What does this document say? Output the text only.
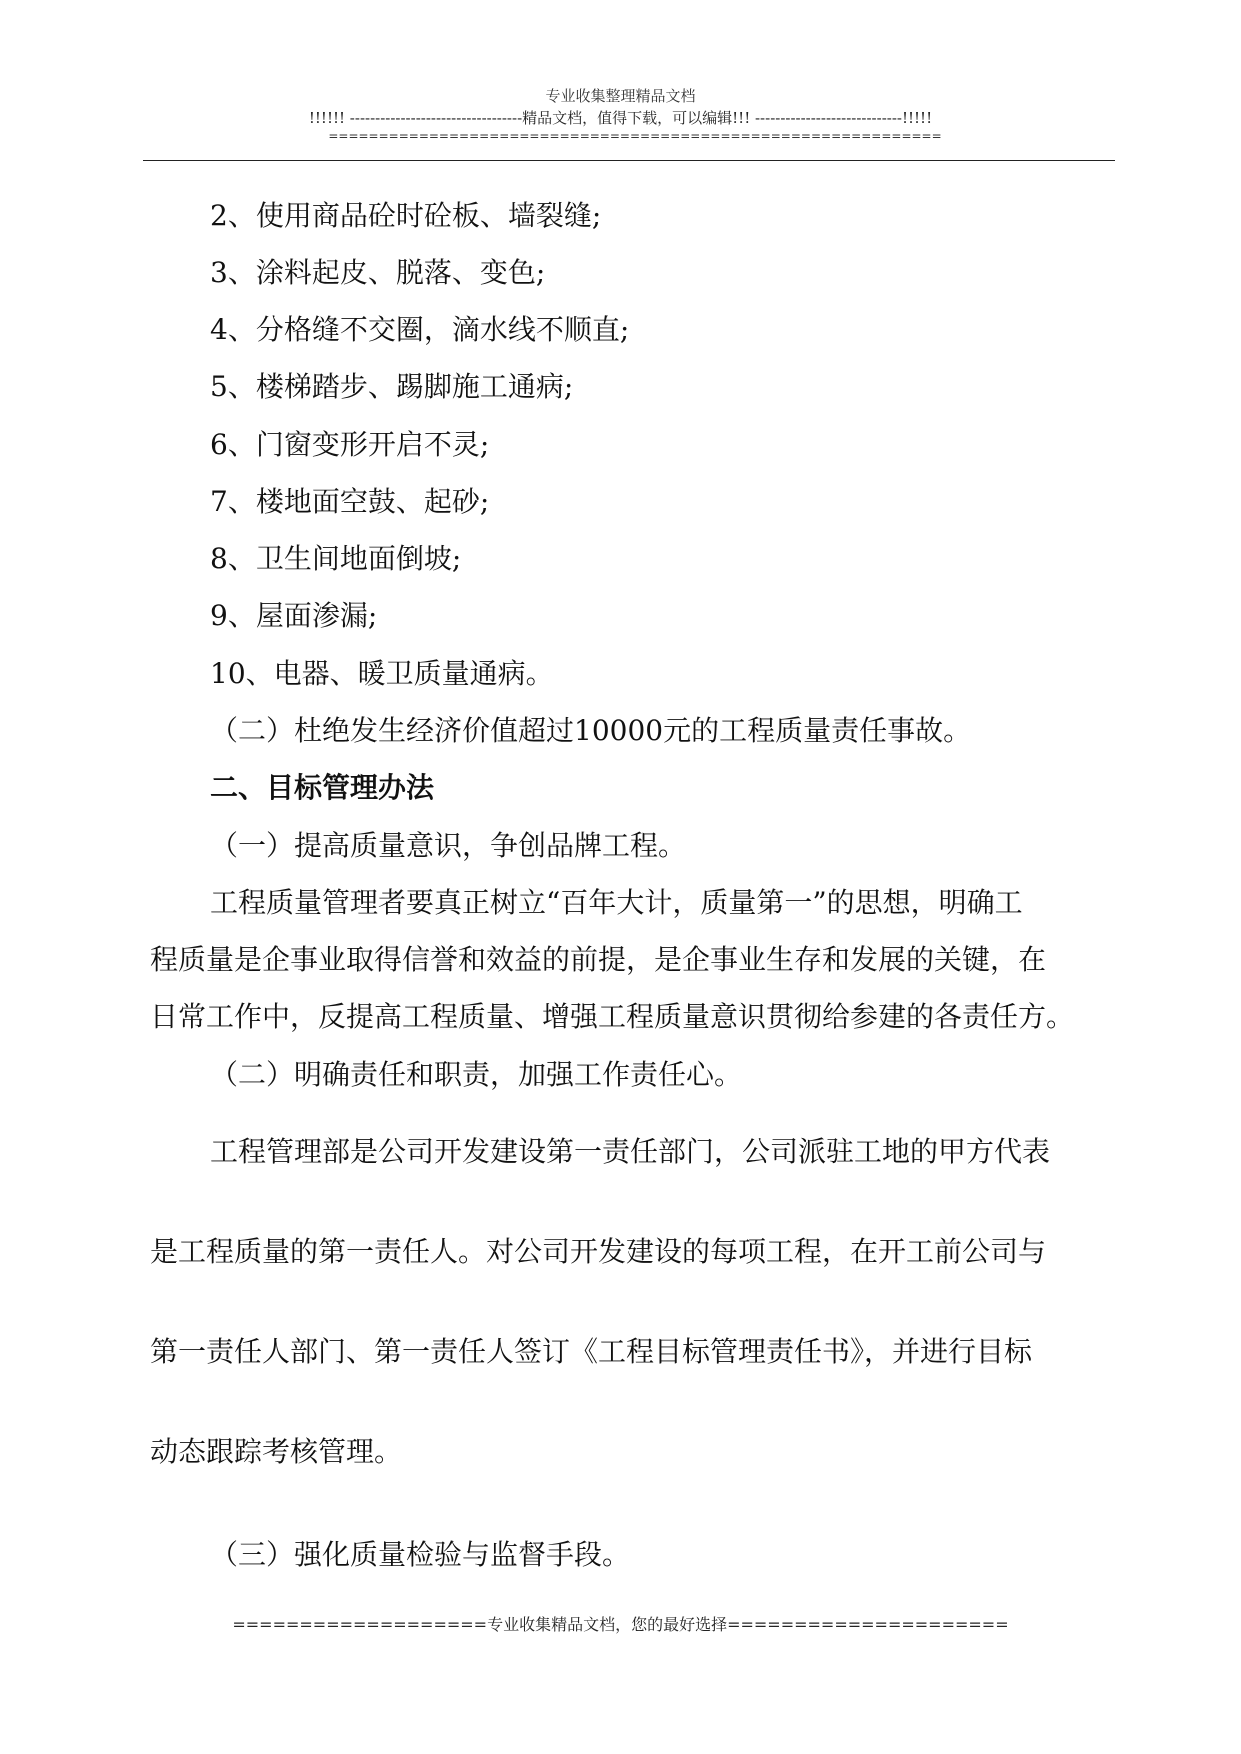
专业收集整理精品文档
!!!!!! ----------------------------------精品文档，值得下载，可以编辑!!! -----------------------------!!!!!
=============================================================
2、使用商品砼时砼板、墙裂缝;
3、涂料起皮、脱落、变色;
4、分格缝不交圈，滴水线不顺直;
5、楼梯踏步、踢脚施工通病;
6、门窗变形开启不灵;
7、楼地面空鼓、起砂;
8、卫生间地面倒坡;
9、屋面渗漏;
10、电器、暖卫质量通病。
（二）杜绝发生经济价值超过10000元的工程质量责任事故。
二、目标管理办法
（一）提高质量意识，争创品牌工程。
工程质量管理者要真正树立“百年大计，质量第一”的思想，明确工
程质量是企事业取得信誉和效益的前提，是企事业生存和发展的关键，在
日常工作中，反提高工程质量、增强工程质量意识贯彻给参建的各责任方。
（二）明确责任和职责，加强工作责任心。
工程管理部是公司开发建设第一责任部门，公司派驻工地的甲方代表
是工程质量的第一责任人。对公司开发建设的每项工程，在开工前公司与
第一责任人部门、第一责任人签订《工程目标管理责任书》，并进行目标
动态跟踪考核管理。
（三）强化质量检验与监督手段。
===================专业收集精品文档，您的最好选择=====================
